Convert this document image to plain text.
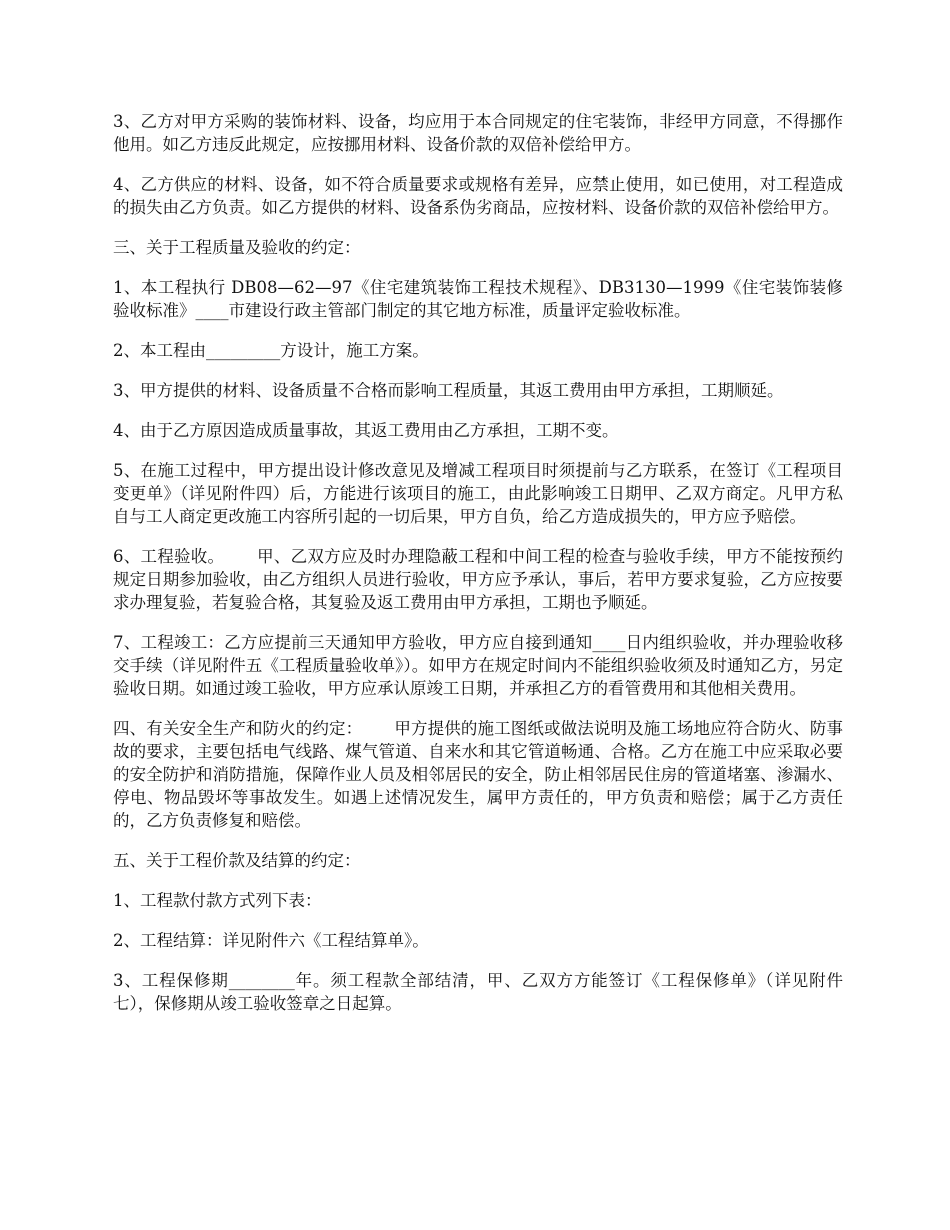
3、乙方对甲方采购的装饰材料、设备，均应用于本合同规定的住宅装饰，非经甲方同意，不得挪作他用。如乙方违反此规定，应按挪用材料、设备价款的双倍补偿给甲方。

4、乙方供应的材料、设备，如不符合质量要求或规格有差异，应禁止使用，如已使用，对工程造成的损失由乙方负责。如乙方提供的材料、设备系伪劣商品，应按材料、设备价款的双倍补偿给甲方。

三、关于工程质量及验收的约定：

1、本工程执行 DB08—62—97《住宅建筑装饰工程技术规程》、DB3130—1999《住宅装饰装修验收标准》____市建设行政主管部门制定的其它地方标准，质量评定验收标准。

2、本工程由_________方设计，施工方案。

3、甲方提供的材料、设备质量不合格而影响工程质量，其返工费用由甲方承担，工期顺延。

4、由于乙方原因造成质量事故，其返工费用由乙方承担，工期不变。

5、在施工过程中，甲方提出设计修改意见及增减工程项目时须提前与乙方联系，在签订《工程项目变更单》（详见附件四）后，方能进行该项目的施工，由此影响竣工日期甲、乙双方商定。凡甲方私自与工人商定更改施工内容所引起的一切后果，甲方自负，给乙方造成损失的，甲方应予赔偿。

6、工程验收。      甲、乙双方应及时办理隐蔽工程和中间工程的检查与验收手续，甲方不能按预约规定日期参加验收，由乙方组织人员进行验收，甲方应予承认，事后，若甲方要求复验，乙方应按要求办理复验，若复验合格，其复验及返工费用由甲方承担，工期也予顺延。

7、工程竣工：乙方应提前三天通知甲方验收，甲方应自接到通知____日内组织验收，并办理验收移交手续（详见附件五《工程质量验收单》）。如甲方在规定时间内不能组织验收须及时通知乙方，另定验收日期。如通过竣工验收，甲方应承认原竣工日期，并承担乙方的看管费用和其他相关费用。

四、有关安全生产和防火的约定：      甲方提供的施工图纸或做法说明及施工场地应符合防火、防事故的要求，主要包括电气线路、煤气管道、自来水和其它管道畅通、合格。乙方在施工中应采取必要的安全防护和消防措施，保障作业人员及相邻居民的安全，防止相邻居民住房的管道堵塞、渗漏水、停电、物品毁坏等事故发生。如遇上述情况发生，属甲方责任的，甲方负责和赔偿；属于乙方责任的，乙方负责修复和赔偿。

五、关于工程价款及结算的约定：

1、工程款付款方式列下表：

2、工程结算：详见附件六《工程结算单》。

3、工程保修期________年。须工程款全部结清，甲、乙双方方能签订《工程保修单》（详见附件七），保修期从竣工验收签章之日起算。
